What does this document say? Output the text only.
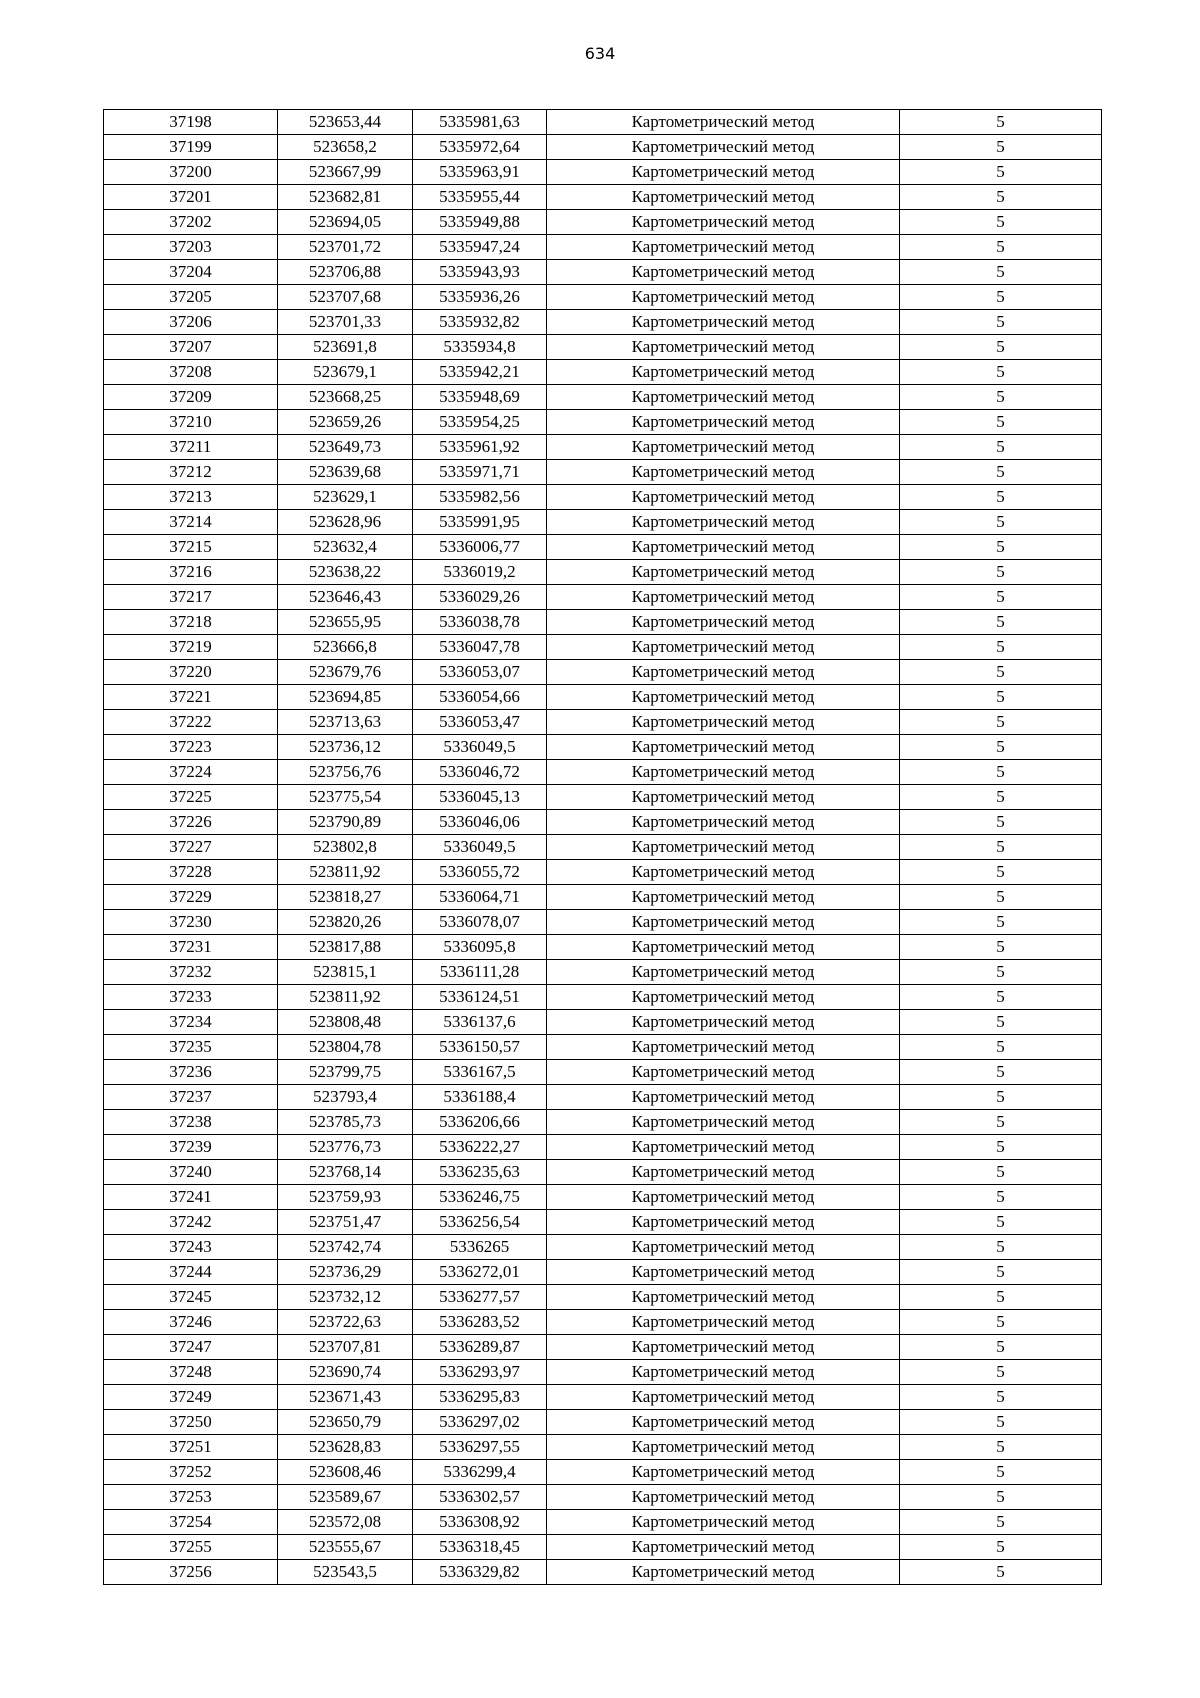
634
37198	523653,44	5335981,63	Картометрический метод	5
37199	523658,2	5335972,64	Картометрический метод	5
37200	523667,99	5335963,91	Картометрический метод	5
37201	523682,81	5335955,44	Картометрический метод	5
37202	523694,05	5335949,88	Картометрический метод	5
37203	523701,72	5335947,24	Картометрический метод	5
37204	523706,88	5335943,93	Картометрический метод	5
37205	523707,68	5335936,26	Картометрический метод	5
37206	523701,33	5335932,82	Картометрический метод	5
37207	523691,8	5335934,8	Картометрический метод	5
37208	523679,1	5335942,21	Картометрический метод	5
37209	523668,25	5335948,69	Картометрический метод	5
37210	523659,26	5335954,25	Картометрический метод	5
37211	523649,73	5335961,92	Картометрический метод	5
37212	523639,68	5335971,71	Картометрический метод	5
37213	523629,1	5335982,56	Картометрический метод	5
37214	523628,96	5335991,95	Картометрический метод	5
37215	523632,4	5336006,77	Картометрический метод	5
37216	523638,22	5336019,2	Картометрический метод	5
37217	523646,43	5336029,26	Картометрический метод	5
37218	523655,95	5336038,78	Картометрический метод	5
37219	523666,8	5336047,78	Картометрический метод	5
37220	523679,76	5336053,07	Картометрический метод	5
37221	523694,85	5336054,66	Картометрический метод	5
37222	523713,63	5336053,47	Картометрический метод	5
37223	523736,12	5336049,5	Картометрический метод	5
37224	523756,76	5336046,72	Картометрический метод	5
37225	523775,54	5336045,13	Картометрический метод	5
37226	523790,89	5336046,06	Картометрический метод	5
37227	523802,8	5336049,5	Картометрический метод	5
37228	523811,92	5336055,72	Картометрический метод	5
37229	523818,27	5336064,71	Картометрический метод	5
37230	523820,26	5336078,07	Картометрический метод	5
37231	523817,88	5336095,8	Картометрический метод	5
37232	523815,1	5336111,28	Картометрический метод	5
37233	523811,92	5336124,51	Картометрический метод	5
37234	523808,48	5336137,6	Картометрический метод	5
37235	523804,78	5336150,57	Картометрический метод	5
37236	523799,75	5336167,5	Картометрический метод	5
37237	523793,4	5336188,4	Картометрический метод	5
37238	523785,73	5336206,66	Картометрический метод	5
37239	523776,73	5336222,27	Картометрический метод	5
37240	523768,14	5336235,63	Картометрический метод	5
37241	523759,93	5336246,75	Картометрический метод	5
37242	523751,47	5336256,54	Картометрический метод	5
37243	523742,74	5336265	Картометрический метод	5
37244	523736,29	5336272,01	Картометрический метод	5
37245	523732,12	5336277,57	Картометрический метод	5
37246	523722,63	5336283,52	Картометрический метод	5
37247	523707,81	5336289,87	Картометрический метод	5
37248	523690,74	5336293,97	Картометрический метод	5
37249	523671,43	5336295,83	Картометрический метод	5
37250	523650,79	5336297,02	Картометрический метод	5
37251	523628,83	5336297,55	Картометрический метод	5
37252	523608,46	5336299,4	Картометрический метод	5
37253	523589,67	5336302,57	Картометрический метод	5
37254	523572,08	5336308,92	Картометрический метод	5
37255	523555,67	5336318,45	Картометрический метод	5
37256	523543,5	5336329,82	Картометрический метод	5
